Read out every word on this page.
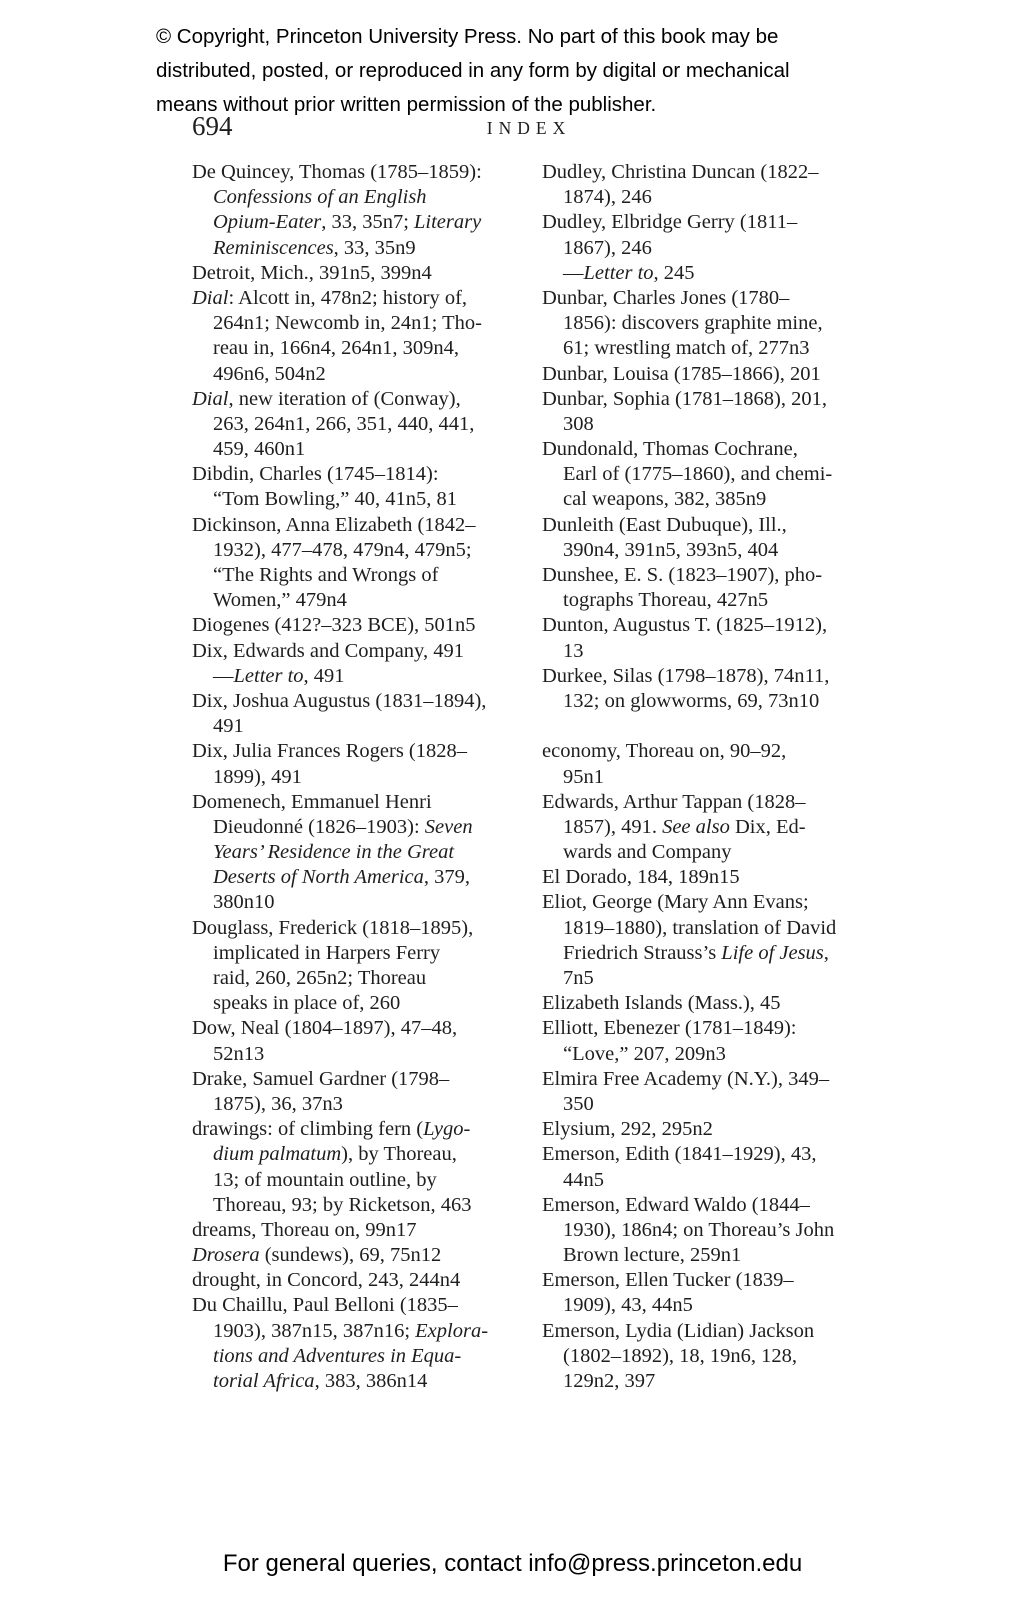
© Copyright, Princeton University Press. No part of this book may be
distributed, posted, or reproduced in any form by digital or mechanical
means without prior written permission of the publisher.
694	INDEX
De Quincey, Thomas (1785–1859):
Confessions of an English
Opium-Eater, 33, 35n7; Literary
Reminiscences, 33, 35n9
Detroit, Mich., 391n5, 399n4
Dial: Alcott in, 478n2; history of,
264n1; Newcomb in, 24n1; Tho-
reau in, 166n4, 264n1, 309n4,
496n6, 504n2
Dial, new iteration of (Conway),
263, 264n1, 266, 351, 440, 441,
459, 460n1
Dibdin, Charles (1745–1814):
“Tom Bowling,” 40, 41n5, 81
Dickinson, Anna Elizabeth (1842–
1932), 477–478, 479n4, 479n5;
“The Rights and Wrongs of
Women,” 479n4
Diogenes (412?–323 BCE), 501n5
Dix, Edwards and Company, 491
—Letter to, 491
Dix, Joshua Augustus (1831–1894),
491
Dix, Julia Frances Rogers (1828–
1899), 491
Domenech, Emmanuel Henri
Dieudonné (1826–1903): Seven
Years’ Residence in the Great
Deserts of North America, 379,
380n10
Douglass, Frederick (1818–1895),
implicated in Harpers Ferry
raid, 260, 265n2; Thoreau
speaks in place of, 260
Dow, Neal (1804–1897), 47–48,
52n13
Drake, Samuel Gardner (1798–
1875), 36, 37n3
drawings: of climbing fern (Lygo-
dium palmatum), by Thoreau,
13; of mountain outline, by
Thoreau, 93; by Ricketson, 463
dreams, Thoreau on, 99n17
Drosera (sundews), 69, 75n12
drought, in Concord, 243, 244n4
Du Chaillu, Paul Belloni (1835–
1903), 387n15, 387n16; Explora-
tions and Adventures in Equa-
torial Africa, 383, 386n14
Dudley, Christina Duncan (1822–
1874), 246
Dudley, Elbridge Gerry (1811–
1867), 246
—Letter to, 245
Dunbar, Charles Jones (1780–
1856): discovers graphite mine,
61; wrestling match of, 277n3
Dunbar, Louisa (1785–1866), 201
Dunbar, Sophia (1781–1868), 201,
308
Dundonald, Thomas Cochrane,
Earl of (1775–1860), and chemi-
cal weapons, 382, 385n9
Dunleith (East Dubuque), Ill.,
390n4, 391n5, 393n5, 404
Dunshee, E. S. (1823–1907), pho-
tographs Thoreau, 427n5
Dunton, Augustus T. (1825–1912),
13
Durkee, Silas (1798–1878), 74n11,
132; on glowworms, 69, 73n10
economy, Thoreau on, 90–92,
95n1
Edwards, Arthur Tappan (1828–
1857), 491. See also Dix, Ed-
wards and Company
El Dorado, 184, 189n15
Eliot, George (Mary Ann Evans;
1819–1880), translation of David
Friedrich Strauss’s Life of Jesus,
7n5
Elizabeth Islands (Mass.), 45
Elliott, Ebenezer (1781–1849):
“Love,” 207, 209n3
Elmira Free Academy (N.Y.), 349–
350
Elysium, 292, 295n2
Emerson, Edith (1841–1929), 43,
44n5
Emerson, Edward Waldo (1844–
1930), 186n4; on Thoreau’s John
Brown lecture, 259n1
Emerson, Ellen Tucker (1839–
1909), 43, 44n5
Emerson, Lydia (Lidian) Jackson
(1802–1892), 18, 19n6, 128,
129n2, 397
For general queries, contact info@press.princeton.edu
